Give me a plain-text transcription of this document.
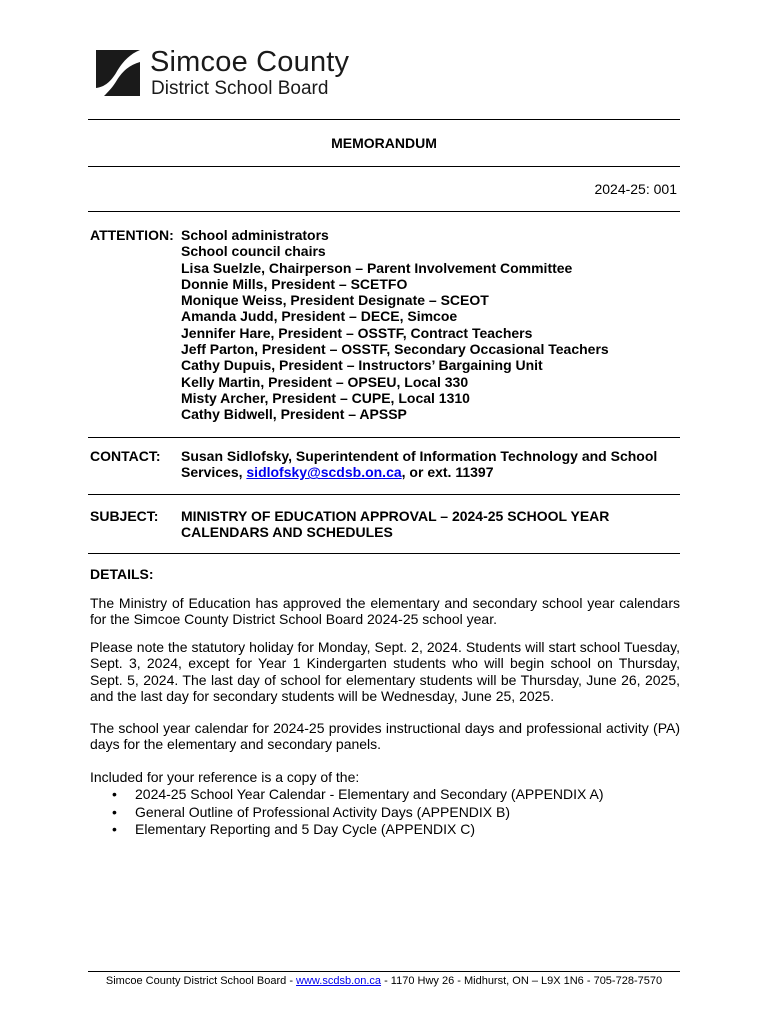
Simcoe County
District School Board
MEMORANDUM
2024-25: 001
ATTENTION: School administrators
School council chairs
Lisa Suelzle, Chairperson – Parent Involvement Committee
Donnie Mills, President – SCETFO
Monique Weiss, President Designate – SCEOT
Amanda Judd, President – DECE, Simcoe
Jennifer Hare, President – OSSTF, Contract Teachers
Jeff Parton, President – OSSTF, Secondary Occasional Teachers
Cathy Dupuis, President – Instructors’ Bargaining Unit
Kelly Martin, President – OPSEU, Local 330
Misty Archer, President – CUPE, Local 1310
Cathy Bidwell, President – APSSP
CONTACT: Susan Sidlofsky, Superintendent of Information Technology and School
Services, sidlofsky@scdsb.on.ca, or ext. 11397
SUBJECT: MINISTRY OF EDUCATION APPROVAL – 2024-25 SCHOOL YEAR
CALENDARS AND SCHEDULES
DETAILS:
The Ministry of Education has approved the elementary and secondary school year calendars for the Simcoe County District School Board 2024-25 school year.
Please note the statutory holiday for Monday, Sept. 2, 2024. Students will start school Tuesday, Sept. 3, 2024, except for Year 1 Kindergarten students who will begin school on Thursday, Sept. 5, 2024. The last day of school for elementary students will be Thursday, June 26, 2025, and the last day for secondary students will be Wednesday, June 25, 2025.
The school year calendar for 2024-25 provides instructional days and professional activity (PA) days for the elementary and secondary panels.
Included for your reference is a copy of the:
• 2024-25 School Year Calendar - Elementary and Secondary (APPENDIX A)
• General Outline of Professional Activity Days (APPENDIX B)
• Elementary Reporting and 5 Day Cycle (APPENDIX C)
Simcoe County District School Board - www.scdsb.on.ca - 1170 Hwy 26 - Midhurst, ON – L9X 1N6 - 705-728-7570
